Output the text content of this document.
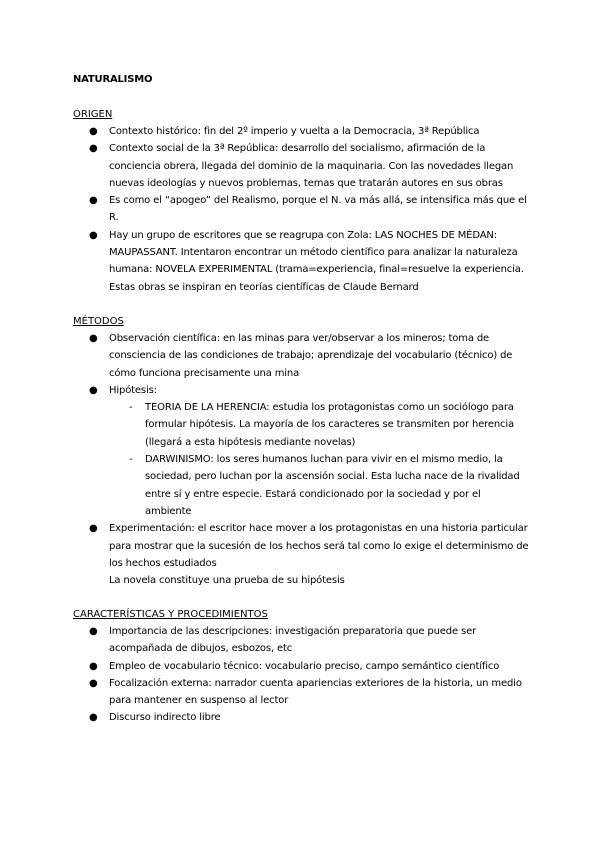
NATURALISMO
ORIGEN
● Contexto histórico: fin del 2º imperio y vuelta a la Democracia, 3ª República
● Contexto social de la 3ª República: desarrollo del socialismo, afirmación de la conciencia obrera, llegada del dominio de la maquinaria. Con las novedades llegan nuevas ideologías y nuevos problemas, temas que tratarán autores en sus obras
● Es como el “apogeo” del Realismo, porque el N. va más allá, se intensifica más que el R.
● Hay un grupo de escritores que se reagrupa con Zola: LAS NOCHES DE MÉDAN: MAUPASSANT. Intentaron encontrar un método científico para analizar la naturaleza humana: NOVELA EXPERIMENTAL (trama=experiencia, final=resuelve la experiencia. Estas obras se inspiran en teorías científicas de Claude Bernard
MÉTODOS
● Observación científica: en las minas para ver/observar a los mineros; toma de consciencia de las condiciones de trabajo; aprendizaje del vocabulario (técnico) de cómo funciona precisamente una mina
● Hipótesis:
- TEORIA DE LA HERENCIA: estudia los protagonistas como un sociólogo para formular hipótesis. La mayoría de los caracteres se transmiten por herencia (llegará a esta hipótesis mediante novelas)
- DARWINISMO: los seres humanos luchan para vivir en el mismo medio, la sociedad, pero luchan por la ascensión social. Esta lucha nace de la rivalidad entre sí y entre especie. Estará condicionado por la sociedad y por el ambiente
● Experimentación: el escritor hace mover a los protagonistas en una historia particular para mostrar que la sucesión de los hechos será tal como lo exige el determinismo de los hechos estudiados
La novela constituye una prueba de su hipótesis
CARACTERÍSTICAS Y PROCEDIMIENTOS
● Importancia de las descripciones: investigación preparatoria que puede ser acompañada de dibujos, esbozos, etc
● Empleo de vocabulario técnico: vocabulario preciso, campo semántico científico
● Focalización externa: narrador cuenta apariencias exteriores de la historia, un medio para mantener en suspenso al lector
● Discurso indirecto libre
